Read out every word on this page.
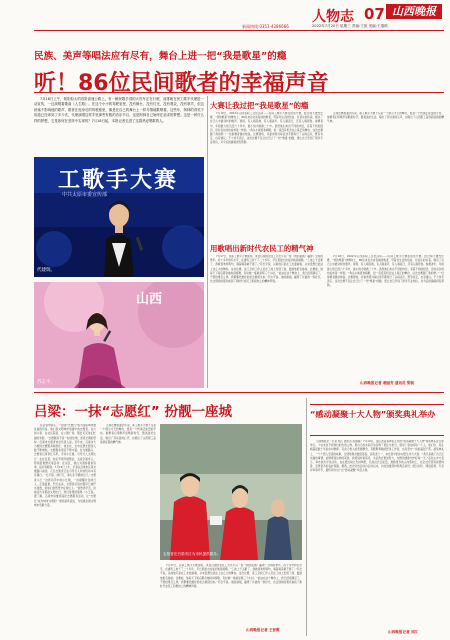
人物志 07 山西晚报
新闻热线:0351-4286666	2022年7月20日 星期三 责编:王凯 美编:王瑞琪
民族、美声等唱法应有尽有，舞台上进一把“我是歌星”的瘾
听！86位民间歌者的幸福声音

7月18日上午，娱阳拟太的首阶高速公路上，有一辆民歌手得的大货车正在行驶，前排就在民工歌手代理进一动宣传，一边演唱着歌曲《人生路》。在这个小小的驾驶室里，没有舞台，没有灯光，没有观众，没有掌声，但这丝毫不影响他的歌声，歌者在他身后的驾驶座里，像是在自己的舞台上一样尽情地歌唱着。这些年，阿林的得奖不知道已经拿到了多少次，代理演唱这样手里那些有数的音乐节目，也是阿林自己始终在追求的梦想。这是一种什么样的梦想，它是如何在坚持中实现的？7月18日起，本报记者走进了这群热爱唱歌的人。

工歌手大赛
中共太原市委宣传部
代建瑞。
山西
苏志平。
大赛让我过把“我是歌星”的瘾

7月16日，2022年山西省职工文化活动——民间工歌手大赛在阳泉开赛，经过两天激烈比赛，“我的歌星”的舞台上，86位来自全省各地的歌者，带着对生活的热爱、对音乐的执着，唱出了自己心中最动听的歌声。现场，有人唱民族，有人唱美声，有人唱流行，还有人唱原创。参赛者中，年龄最大的已经六十多岁，最小的才刚满二十岁。虽然他们来自不同的岗位，有着不同的经历，但对音乐的热爱却是一样的。“我从小就喜欢唱歌，但一直没有机会站上真正的舞台，这次比赛圆了我的梦。”一位参赛者激动地说。比赛现场，评委老师对每位选手都进行了认真点评，既有肯定，也有建议。不少选手表示，这次比赛不仅让自己过了一把“歌星”的瘾，更让自己学到了很多专业知识，对今后的演唱很有帮助。

正如比赛组委会所说，职工歌手大赛不仅是一个展示才艺的舞台，更是一个传递正能量的平台。参赛者们用歌声讴歌新时代，赞美美好生活，唱出了劳动者的心声，也唱出了山西职工奋进新征程的精气神。

用歌唱出新时代农民工的精气神

7月17日，在职工歌手大赛现场，来自吕梁的农民工苏志平以一首《我的祖国》赢得了全场的掌声。四十多岁的苏志平，在建筑工地干了二十多年，平日里最大的爱好就是唱歌。“工地上干活累了，我就喜欢哼两句，唱着唱着就不累了。”苏志平说，以前他只是在工友面前唱，从来没想过能站上这么大的舞台。这次比赛，是工会的工作人员在工地上发现了他，鼓励他报名参加。比赛前，他每天下班后都会抽时间练歌，有时候一练就是两三个小时。“能站在这个舞台上，我已经很满足了，不管结果怎么样，我都要把最好的状态展现出来。”苏志平说。他的演唱，赢得了评委的一致好评，也让现场的观众看到了新时代农民工积极向上的精神风貌。

7月16日，2022年山西省职工文化活动——民间工歌手大赛在阳泉开赛，经过两天激烈比赛，“我的歌星”的舞台上，86位来自全省各地的歌者，带着对生活的热爱、对音乐的执着，唱出了自己心中最动听的歌声。现场，有人唱民族，有人唱美声，有人唱流行，还有人唱原创。参赛者中，年龄最大的已经六十多岁，最小的才刚满二十岁。虽然他们来自不同的岗位，有着不同的经历，但对音乐的热爱却是一样的。“我从小就喜欢唱歌，但一直没有机会站上真正的舞台，这次比赛圆了我的梦。”一位参赛者激动地说。比赛现场，评委老师对每位选手都进行了认真点评，既有肯定，也有建议。不少选手表示，这次比赛不仅让自己过了一把“歌星”的瘾，更让自己学到了很多专业知识，对今后的演唱很有帮助。

山西晚报记者 裴丽芳 通讯员 梁锐
吕梁：一抹“志愿红” 扮靓一座城

在吕梁市街头，一抹抹“志愿红”成为这座城市最亮丽的风景。他们是文明城市创建中的志愿者，在大街小巷、在社区院落、在公园广场，随处可见他们忙碌的身影。“志愿服务不是一时的热情，而是长期的坚持。”吕梁市志愿者协会负责人说。近年来，吕梁市大力推进志愿服务制度化、常态化，全市注册志愿者人数不断增加，志愿服务项目不断丰富。在交通路口，志愿者们身穿红马甲，手持小红旗，引导行人文明出行；在社区里，他们开展环境整治、关爱空巢老人、帮扶困难群众等活动；在景区，他们为游客提供咨询、指引等服务。7月19日上午，记者在吕梁市区某交通路口看到，几名志愿者正在引导行人和非机动车有序通行。“红灯停，绿灯行，请大家不要闯红灯。”志愿者小王一边挥动手中的小红旗，一边提醒过往的行人。正值盛夏，烈日炎炎，志愿者们的衣服早已被汗水浸透，但他们依然坚守在岗位上。“虽然很辛苦，但看到大家都能文明出行，我们觉得很值得。”小王说。据了解，吕梁市将继续深化志愿服务活动，让“志愿红”成为城市文明的一道亮丽风景线，为创建全国文明城市贡献力量。

正如比赛组委会所说，职工歌手大赛不仅是一个展示才艺的舞台，更是一个传递正能量的平台。参赛者们用歌声讴歌新时代，赞美美好生活，唱出了劳动者的心声，也唱出了山西职工奋进新征程的精气神。

志愿者在吕梁市区为市民提供服务。

7月17日，在职工歌手大赛现场，来自吕梁的农民工苏志平以一首《我的祖国》赢得了全场的掌声。四十多岁的苏志平，在建筑工地干了二十多年，平日里最大的爱好就是唱歌。“工地上干活累了，我就喜欢哼两句，唱着唱着就不累了。”苏志平说，以前他只是在工友面前唱，从来没想过能站上这么大的舞台。这次比赛，是工会的工作人员在工地上发现了他，鼓励他报名参加。比赛前，他每天下班后都会抽时间练歌，有时候一练就是两三个小时。“能站在这个舞台上，我已经很满足了，不管结果怎么样，我都要把最好的状态展现出来。”苏志平说。他的演唱，赢得了评委的一致好评，也让现场的观众看到了新时代农民工积极向上的精神风貌。

山西晚报记者 王晋霞
“感动凝聚十大人物”颁奖典礼举办

山西晚报讯（记者 刘江 通讯员 张瑞瑞）7月19日，由山西省某单位主办的“感动凝聚十大人物”颁奖典礼在太原举行。十位来自不同岗位的先进人物，用自己的实际行动诠释了责任与担当，感动了身边的每一个人。他们中，有扎根基层数十年的乡村教师，有舍己救人的普通群众，有默默奉献的医务工作者，也有坚守一线的基层干部。颁奖典礼上，一个个感人至深的故事，让现场观众数度落泪。获奖者之一、来自晋中的乡村医生李大夫说：“我只是做了自己应该做的事情，能够得到这样的荣誉，我感到非常荣幸，今后我会更加努力，为群众健康守护好每一天。”活动主办方表示，举办此次评选活动，旨在通过树立先进典型，弘扬社会正能量，激励更多的人向善向上，在全社会营造崇德向善、见贤思齐的良好氛围。据悉，此次评选活动自启动以来，共收到推荐材料两百余份，经过初评、网络投票、专家评审等环节，最终评选出十位“感动凝聚”年度人物。

山西晚报记者 刘江
